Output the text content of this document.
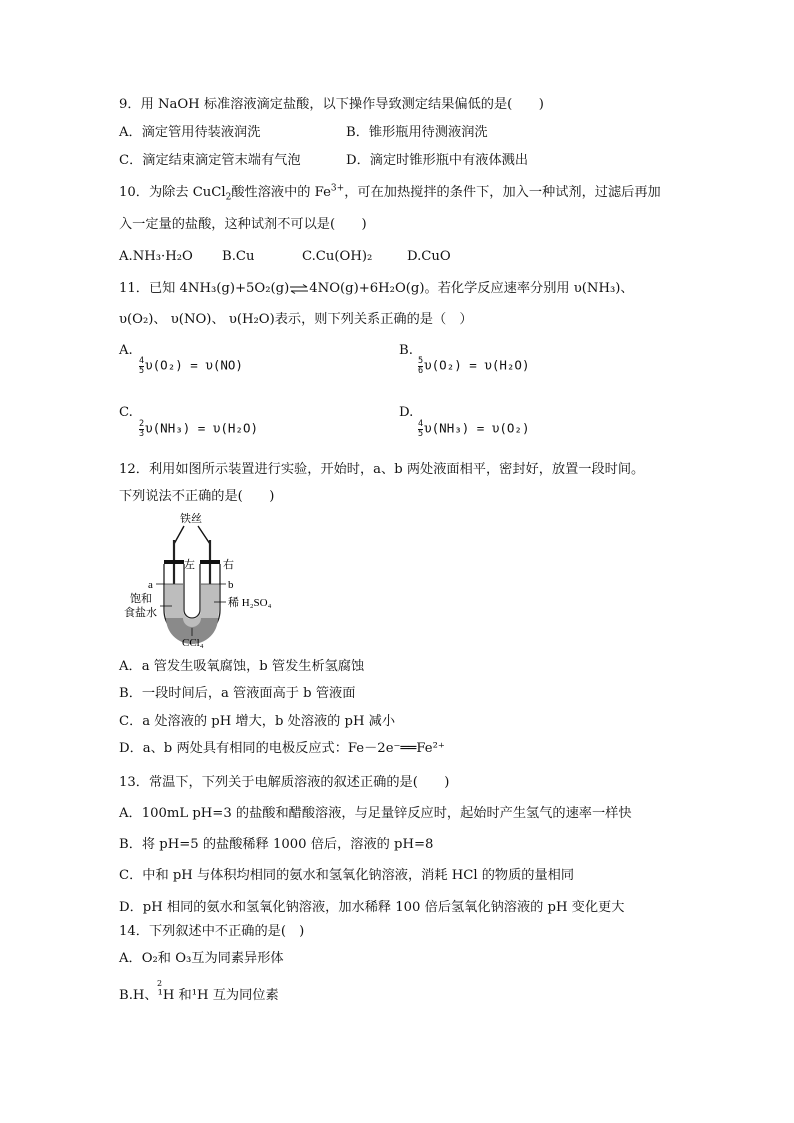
9．用 NaOH 标准溶液滴定盐酸，以下操作导致测定结果偏低的是(　　)
A．滴定管用待装液润洗	B．锥形瓶用待测液润洗
C．滴定结束滴定管末端有气泡	D．滴定时锥形瓶中有液体溅出
10．为除去 CuCl$_2$酸性溶液中的 $Fe^{3+}$，可在加热搅拌的条件下，加入一种试剂，过滤后再加
入一定量的盐酸，这种试剂不可以是(　　)
A.NH₃·H₂O B.Cu	C.Cu(OH)₂	D.CuO
11．已知 4NH₃(g)+5O₂(g)⇌4NO(g)+6H₂O(g)。若化学反应速率分别用 υ(NH₃)、
υ(O₂)、 υ(NO)、 υ(H₂O)表示，则下列关系正确的是（　）
A.
$\frac{4}{5} \upsilon(O_2) = \upsilon(NO)$
B.
$\frac{5}{6} \upsilon(O_2) = \upsilon(H_2O)$
C.
$\frac{2}{3} \upsilon(NH_3) = \upsilon(H_2O)$
D.
$\frac{4}{5} \upsilon(NH_3) = \upsilon(O_2)$
12．利用如图所示装置进行实验，开始时，a、b 两处液面相平，密封好，放置一段时间。
下列说法不正确的是(　　)
铁丝
左	右
a	b
饱和
食盐水
稀 H₂SO₄
CCl₄
A．a 管发生吸氧腐蚀，b 管发生析氢腐蚀
B．一段时间后，a 管液面高于 b 管液面
C．a 处溶液的 pH 增大，b 处溶液的 pH 减小
D．a、b 两处具有相同的电极反应式：Fe－2e⁻══Fe²⁺
13．常温下，下列关于电解质溶液的叙述正确的是(　　)
A．100mL pH=3 的盐酸和醋酸溶液，与足量锌反应时，起始时产生氢气的速率一样快
B．将 pH=5 的盐酸稀释 1000 倍后，溶液的 pH=8
C．中和 pH 与体积均相同的氨水和氢氧化钠溶液，消耗 HCl 的物质的量相同
D．pH 相同的氨水和氢氧化钠溶液，加水稀释 100 倍后氢氧化钠溶液的 pH 变化更大
14．下列叙述中不正确的是(　)
A．O₂和 O₃互为同素异形体
2
B.H、¹H 和¹H 互为同位素
